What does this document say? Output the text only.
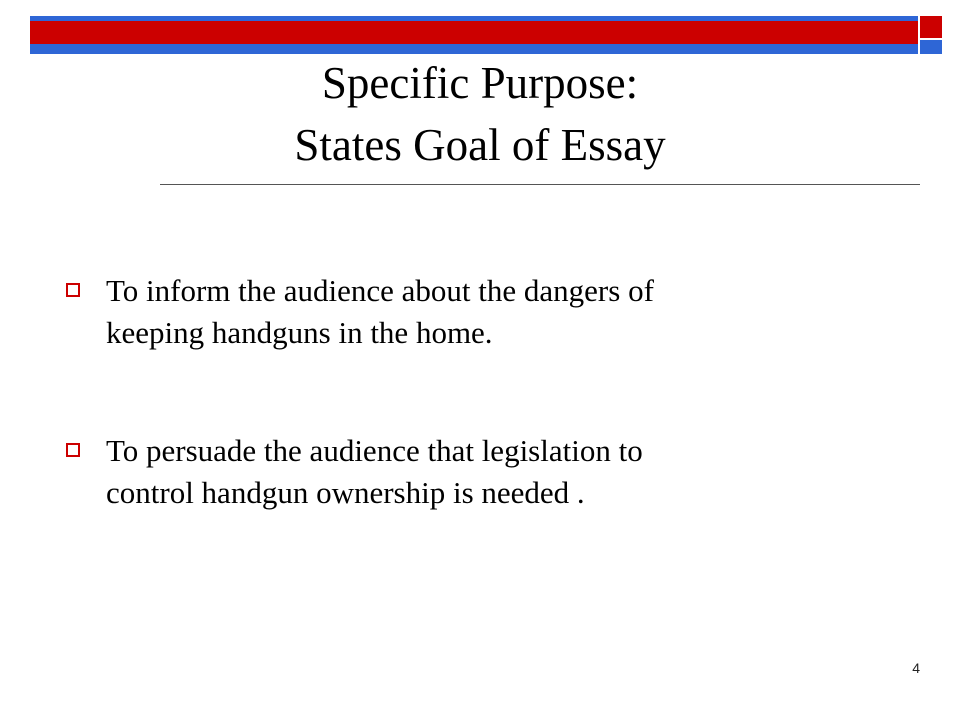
Specific Purpose:
States Goal of Essay
To inform the audience about the dangers of
keeping handguns in the home.
To persuade the audience that legislation to
control handgun ownership is needed .
4
